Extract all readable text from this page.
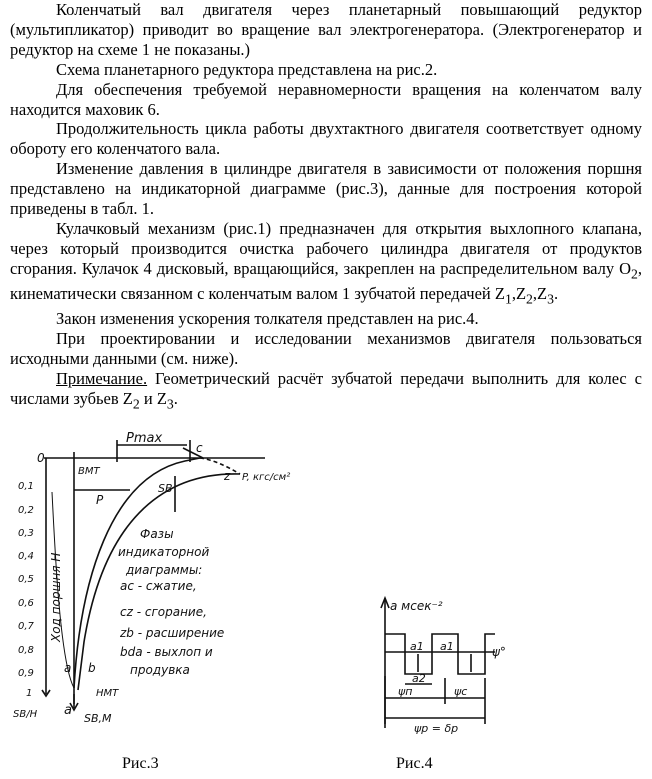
Коленчатый вал двигателя через планетарный повышающий редуктор (мультипликатор) приводит во вращение вал электрогенератора. (Электрогенератор и редуктор на схеме 1 не показаны.)

Схема планетарного редуктора представлена на рис.2.

Для обеспечения требуемой неравномерности вращения на коленчатом валу находится маховик 6.

Продолжительность цикла работы двухтактного двигателя соответствует одному обороту его коленчатого вала.

Изменение давления в цилиндре двигателя в зависимости от положения поршня представлено на индикаторной диаграмме (рис.3), данные для построения которой приведены в табл. 1.

Кулачковый механизм (рис.1) предназначен для открытия выхлопного клапана, через который производится очистка рабочего цилиндра двигателя от продуктов сгорания. Кулачок 4 дисковый, вращающийся, закреплен на распределительном валу $O_2$, кинематически связанном с коленчатым валом 1 зубчатой передачей $Z_1,Z_2,Z_3$.

Закон изменения ускорения толкателя представлен на рис.4.

При проектировании и исследовании механизмов двигателя пользоваться исходными данными (см. ниже).

Примечание. Геометрический расчёт зубчатой передачи выполнить для колес с числами зубьев $Z_2$ и $Z_3$.

0
Pmax
c
z P, кгс/см²
ВМТ
P
SB
0,1
0,2
0,3
0,4
0,5
0,6
0,7
0,8
0,9
1
Ход поршня H
SB/H a
a b
НМТ
SB,M
Фазы
индикаторной
диаграммы:
ac - сжатие,
cz - сгорание,
zb - расширение
bda - выхлоп и
продувка
Рис.3
a мсек⁻²
a1 a1
a2
ψп	ψс
ψ°
ψр = δр
Рис.4
